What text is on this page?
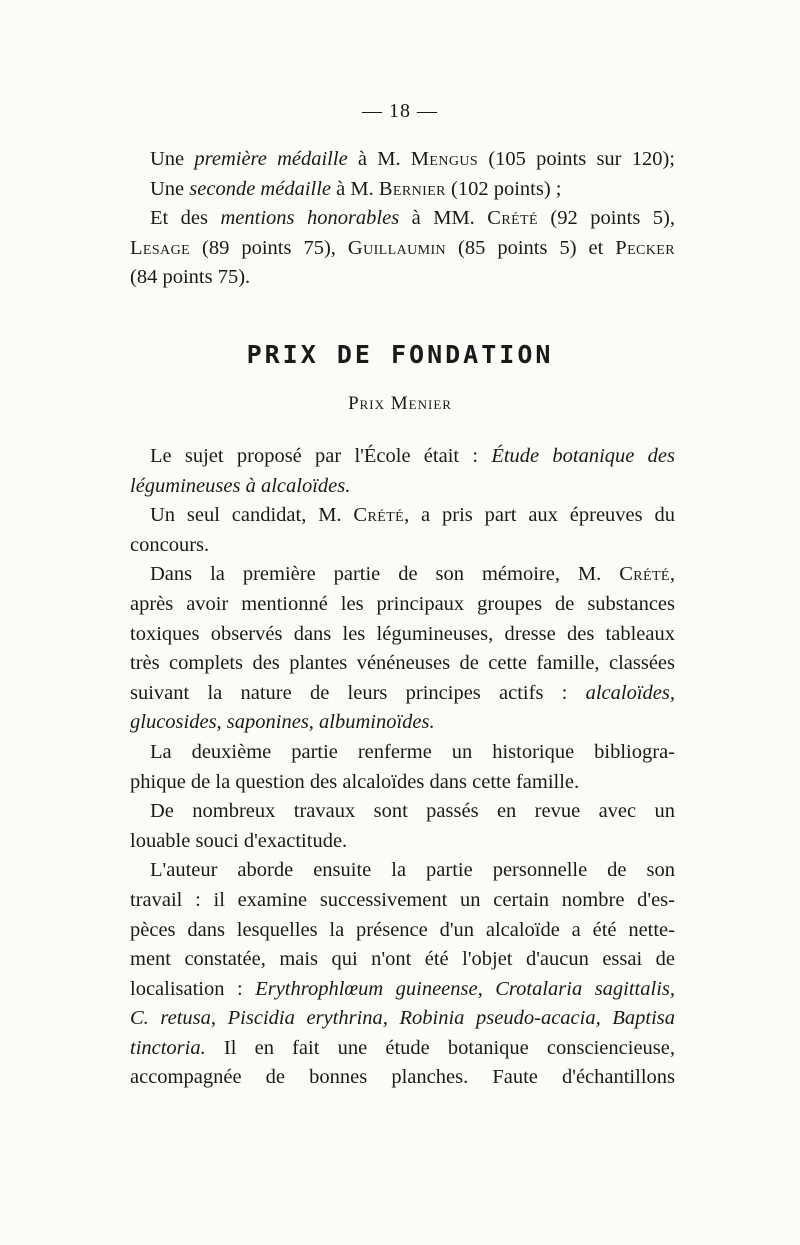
— 18 —
Une première médaille à M. Mengus (105 points sur 120);
Une seconde médaille à M. Bernier (102 points) ;
Et des mentions honorables à MM. Crété (92 points 5),
Lesage (89 points 75), Guillaumin (85 points 5) et Pecker
(84 points 75).
PRIX DE FONDATION
Prix Menier
Le sujet proposé par l'École était : Étude botanique des
légumineuses à alcaloïdes.
Un seul candidat, M. Crété, a pris part aux épreuves du
concours.
Dans la première partie de son mémoire, M. Crété,
après avoir mentionné les principaux groupes de substances
toxiques observés dans les légumineuses, dresse des tableaux
très complets des plantes vénéneuses de cette famille, classées
suivant la nature de leurs principes actifs : alcaloïdes,
glucosides, saponines, albuminoïdes.
La deuxième partie renferme un historique bibliogra-
phique de la question des alcaloïdes dans cette famille.
De nombreux travaux sont passés en revue avec un
louable souci d'exactitude.
L'auteur aborde ensuite la partie personnelle de son
travail : il examine successivement un certain nombre d'es-
pèces dans lesquelles la présence d'un alcaloïde a été nette-
ment constatée, mais qui n'ont été l'objet d'aucun essai de
localisation : Erythrophlœum guineense, Crotalaria sagittalis,
C. retusa, Piscidia erythrina, Robinia pseudo-acacia, Baptisa
tinctoria. Il en fait une étude botanique consciencieuse,
accompagnée de bonnes planches. Faute d'échantillons
